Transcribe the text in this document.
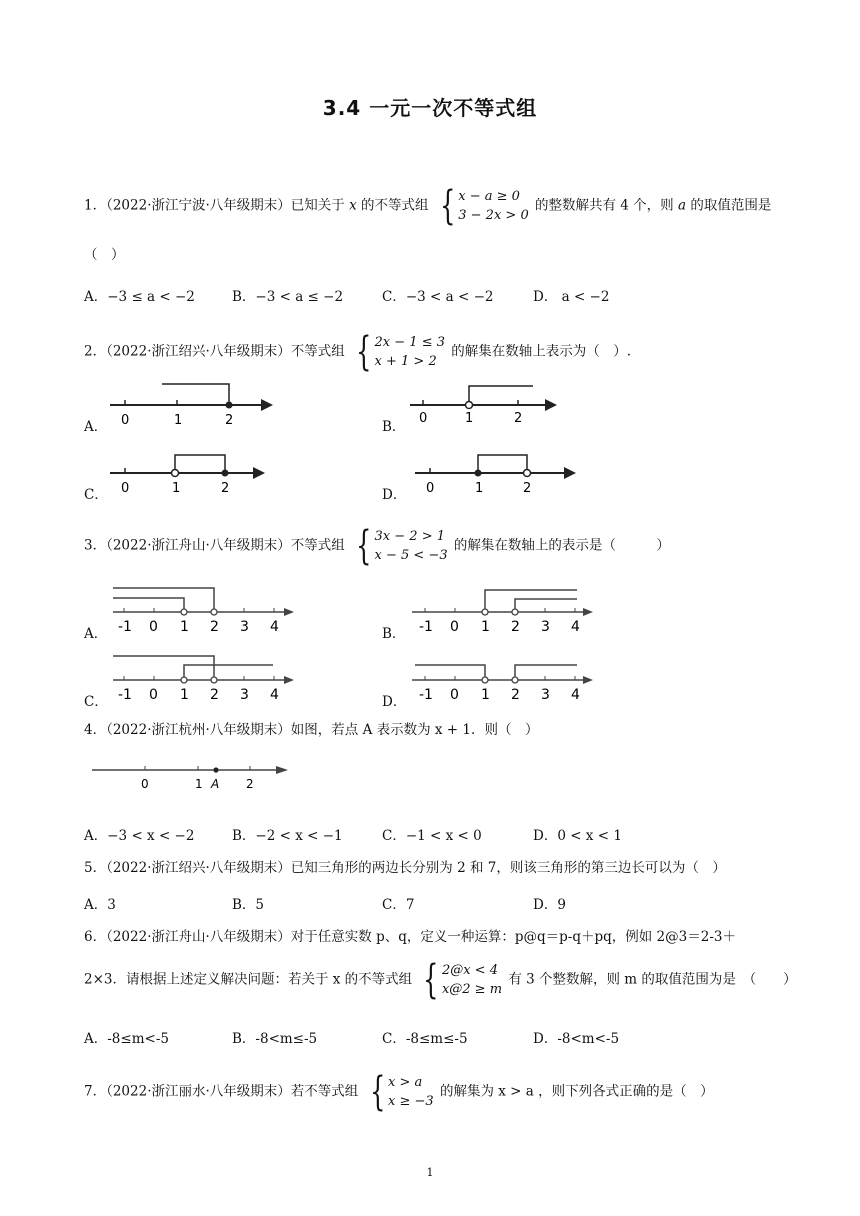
3.4 一元一次不等式组
1．（2022·浙江宁波·八年级期末）已知关于 x 的不等式组 { x − a ≥ 0
3 − 2x > 0
的整数解共有 4 个，则 a 的取值范围是
（　）
A．−3 ≤ a < −2	B．−3 < a ≤ −2	C．−3 < a < −2	D． a < −2
2．（2022·浙江绍兴·八年级期末）不等式组 { 2x − 1 ≤ 3
x + 1 > 2
的解集在数轴上表示为（　）.
A．	B．
C．	D．
0	1	2	0	1	2
0	1	2	0	1	2
3．（2022·浙江舟山·八年级期末）不等式组 { 3x − 2 > 1
x − 5 < −3
的解集在数轴上的表示是（　　　）
A．	B．
C．	D．
-1 0 1 2 3 4	-1 0 1 2 3 4
-1 0 1 2 3 4	-1 0 1 2 3 4
4．（2022·浙江杭州·八年级期末）如图，若点 A 表示数为 x + 1．则（　）
0	1 A 2
A．−3 < x < −2	B．−2 < x < −1	C．−1 < x < 0	D．0 < x < 1
5．（2022·浙江绍兴·八年级期末）已知三角形的两边长分别为 2 和 7，则该三角形的第三边长可以为（　）
A．3	B．5	C．7	D．9
6．（2022·浙江舟山·八年级期末）对于任意实数 p、q，定义一种运算：p@q＝p-q＋pq，例如 2@3＝2-3＋
2×3．请根据上述定义解决问题：若关于 x 的不等式组 { 2@x < 4
x@2 ≥ m
有 3 个整数解，则 m 的取值范围为是　（　　）
A．-8≤m<-5	B．-8<m≤-5	C．-8≤m≤-5	D．-8<m<-5
7．（2022·浙江丽水·八年级期末）若不等式组 { x > a
x ≥ −3
的解集为 x > a ，则下列各式正确的是（　）
1
